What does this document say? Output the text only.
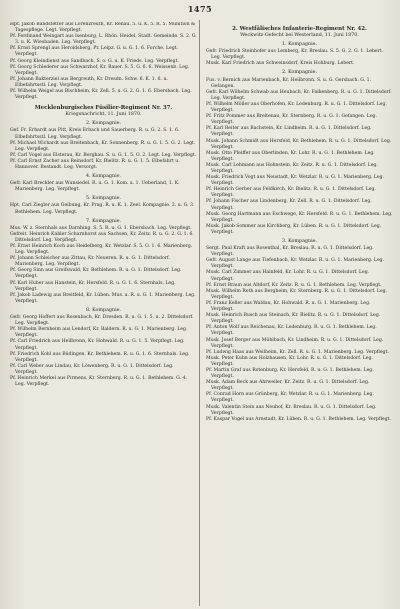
1475
Hpt. Jakob Bandstetter aus Lorenzreuth, Kr. Rehau. 5. u. K. 5. R. 5. Munition & Tagespflege. Legt. Verpflegt.
Pf. Ferdinand Weingart aus Isenburg, L. Rhön. Heidel. Stadt. Gemeinde. S. 2. G. 3. u. K. Wiesbaden. Leg. Verpflegt.
Pf. Ernst Sprengl aus Heroldsberg, Pr. Leipz. G. u. G. 1. 6. Forche. Legt. Verpflegt.
Pf. Georg Kleindienst aus Sandbach, S. o. G. u. K. Frieds. Leg. Verpflegt.
Pf. Georg Schlederer aus Schwarzhof, Kr. Bauer. S. 5. G. 6. 6. Weissenb. Leg. Verpflegt.
Pf. Johann Bakterziel aus Bergreuth, Kr. Dresdn. Schw. 6. K. 1. 6. u. Elbefahrtsstl. Leg. Verpflegt.
Pf. Wilhelm Weigel aus Bischheim, Kr. Zell. 5. u. G. 2. G. 1. 6. Ebersbach. Leg. Verpflegt.
Mecklenburgisches Füsilier-Regiment Nr. 37.
Kriegsnachricht, 11. Juni 1870.
2. Kompagnie.
Gef. Fr. Erhardt aus Pitt, Kreis Erbach und Sauerberg. R. u. G. 2. S. 1. 6. Elbefahrtsstl. Leg. Verpflegt.
Pf. Michael Wichardt aus Breitenbach, Kr. Sonnenberg. R. u. G. 1. 5. G. 2. Legt. Leg. Verpflegt.
Pf. Carl Vogel aus Elsterau, Kr. Berghau. S. u. G. 1. 5. G. 2. Legt. Leg. Verpflegt.
Pf. Carl Ernst Zacher aus Reinsdorf, Kr. Bielitz. R. u. G. 1. 5. Elbefahrt u. Hannover. Bestandt. Leg. Versorgt.
4. Kompagnie.
Gefr. Karl Breckler aus Wunsiedel. R. u. G. 1. Kom. a. 1. Ueberland, 1. K. Marienberg. Leg. Verpflegt.
5. Kompagnie.
Hpt. Carl Ziegler aus Geibung, Kr. Prag. R. u. K. 1. Zeel. Kompagnie. 2. u. G. 3. Bethlehem. Leg. Verpflegt.
7. Kompagnie.
Mus. W. z. Sternhals aus Darnhing. S. 5. R. u. G. 1. Ebersbach. Leg. Verpflegt.
Gefreit. Heinrich Kahler Scharnhorst aus Sachsen, Kr. Zeitz. R. u. G. 2. G. 1. 6. Dittelsdorf. Leg. Verpflegt.
Pf. Ernst Heinrich Koch aus Heidelberg, Kr. Wetzlar. S. 5. G. 1. 6. Marienberg. Leg. Verpflegt.
Pf. Johann Schleicher aus Zittau, Kr. Neueren. R. u. G. 1. Dittelsdorf. Marienberg. Leg. Verpflegt.
Pf. Georg Sinn aus Greifswald, Kr. Bethlehem. R. u. G. 1. Dittelsdorf. Leg. Verpflegt.
Pf. Karl Huber aus Hanstein, Kr. Hersfeld. R. u. G. 1. 6. Sternhals. Leg. Verpflegt.
Pf. Jakob Ladewig aus Breitfeld, Kr. Lüben. Mus. a. R. u. G. 1. Marienberg. Leg. Verpflegt.
8. Kompagnie.
Gefr. Georg Hoffert aus Rosenbach, Kr. Dresden. R. u. G. 1. 5. u. 2. Dittelsdorf. Leg. Verpflegt.
Pf. Wilhelm Bernheim aus Lendorf, Kr. Baldern. R. u. G. 1. Marienberg. Leg. Verpflegt.
Pf. Carl Friedrich aus Heilbronn, Kr. Hohwald. R. u. G. 1. 5. Verpflegt. Leg. Verpflegt.
Pf. Friedrich Kohl aus Büdingen, Kr. Bethlehem. R. u. G. 1. 6. Sternhals. Leg. Verpflegt.
Pf. Carl Weber aus Lindau, Kr. Löwenberg. R. u. G. 1. Dittelsdorf. Leg. Verpflegt.
Pf. Heinrich Merkel aus Pirmens, Kr. Sternberg. R. u. G. 1. Bethlehem. G. 4. Leg. Verpflegt.
2. Westfälisches Infanterie-Regiment Nr. 42.
Weckwitz-Gefecht bei Westerland, 11. Juni 1870.
1. Kompagnie.
Gefr. Friedrich Steinhofer aus Lemberg, Kr. Breslau. S. 5. G. 2. G. 1. Lebert. Leg. Verpflegt.
Musk. Karl Friedrich aus Schweinsdorf, Kreis Hohburg. Lebert.
2. Kompagnie.
Fus. v. Bernich aus Marienbach, Kr. Heilbronn. S. u. G. Gersbach. G. 1. Gefangen.
Gefr. Karl Wilhelm Schwab aus Heubach, Kr. Falkenberg. R. u. G. 1. Dittelsdorf. Leg. Verpflegt.
Pf. Wilhelm Möller aus Oberhofen, Kr. Ledenburg. R. u. G. 1. Dittelsdorf. Leg. Verpflegt.
Pf. Fritz Pommer aus Breitenau, Kr. Sternberg. R. u. G. 1. Gefangen. Leg. Verpflegt.
Pf. Karl Reiter aus Bachstein, Kr. Lindheim. R. u. G. 1. Dittelsdorf. Leg. Verpflegt.
Musk. Johann Schmidt aus Hersfeld, Kr. Bethlehem. R. u. G. 1. Dittelsdorf. Leg. Verpflegt.
Musk. Otto Pfeiffer aus Oberlinden, Kr. Lohr. R. u. G. 1. Bethlehem. Leg. Verpflegt.
Musk. Carl Lehmann aus Hohnstein, Kr. Zeitz. R. u. G. 1. Dittelsdorf. Leg. Verpflegt.
Musk. Friedrich Vogt aus Neustadt, Kr. Wetzlar. R. u. G. 1. Marienberg. Leg. Verpflegt.
Pf. Heinrich Gerber aus Feldkirch, Kr. Bielitz. R. u. G. 1. Dittelsdorf. Leg. Verpflegt.
Pf. Johann Fischer aus Lindenberg, Kr. Zell. R. u. G. 1. Dittelsdorf. Leg. Verpflegt.
Musk. Georg Hartmann aus Eschwege, Kr. Hersfeld. R. u. G. 1. Bethlehem. Leg. Verpflegt.
Musk. Jakob Sommer aus Kirchberg, Kr. Lüben. R. u. G. 1. Dittelsdorf. Leg. Verpflegt.
3. Kompagnie.
Sergt. Paul Kraft aus Rosenthal, Kr. Breslau. R. u. G. 1. Dittelsdorf. Leg. Verpflegt.
Gefr. August Lange aus Tiefenbach, Kr. Wetzlar. R. u. G. 1. Marienberg. Leg. Verpflegt.
Musk. Carl Zimmer aus Hainfeld, Kr. Lohr. R. u. G. 1. Dittelsdorf. Leg. Verpflegt.
Pf. Ernst Braun aus Altdorf, Kr. Zeitz. R. u. G. 1. Bethlehem. Leg. Verpflegt.
Musk. Wilhelm Roth aus Bergheim, Kr. Sternberg. R. u. G. 1. Dittelsdorf. Leg. Verpflegt.
Pf. Franz Keller aus Waldau, Kr. Hohwald. R. u. G. 1. Marienberg. Leg. Verpflegt.
Musk. Heinrich Busch aus Steinach, Kr. Bielitz. R. u. G. 1. Dittelsdorf. Leg. Verpflegt.
Pf. Anton Wolf aus Reichenau, Kr. Ledenburg. R. u. G. 1. Bethlehem. Leg. Verpflegt.
Musk. Josef Berger aus Mühlbach, Kr. Lindheim. R. u. G. 1. Dittelsdorf. Leg. Verpflegt.
Pf. Ludwig Haas aus Weilheim, Kr. Zell. R. u. G. 1. Marienberg. Leg. Verpflegt.
Musk. Peter Kuhn aus Holzhausen, Kr. Lohr. R. u. G. 1. Dittelsdorf. Leg. Verpflegt.
Pf. Martin Graf aus Rotenburg, Kr. Hersfeld. R. u. G. 1. Bethlehem. Leg. Verpflegt.
Musk. Adam Beck aus Ahrweiler, Kr. Zeitz. R. u. G. 1. Dittelsdorf. Leg. Verpflegt.
Pf. Conrad Horn aus Grünberg, Kr. Wetzlar. R. u. G. 1. Marienberg. Leg. Verpflegt.
Musk. Valentin Stein aus Neuhof, Kr. Breslau. R. u. G. 1. Dittelsdorf. Leg. Verpflegt.
Pf. Kaspar Vogel aus Arnstadt, Kr. Lüben. R. u. G. 1. Bethlehem. Leg. Verpflegt.
